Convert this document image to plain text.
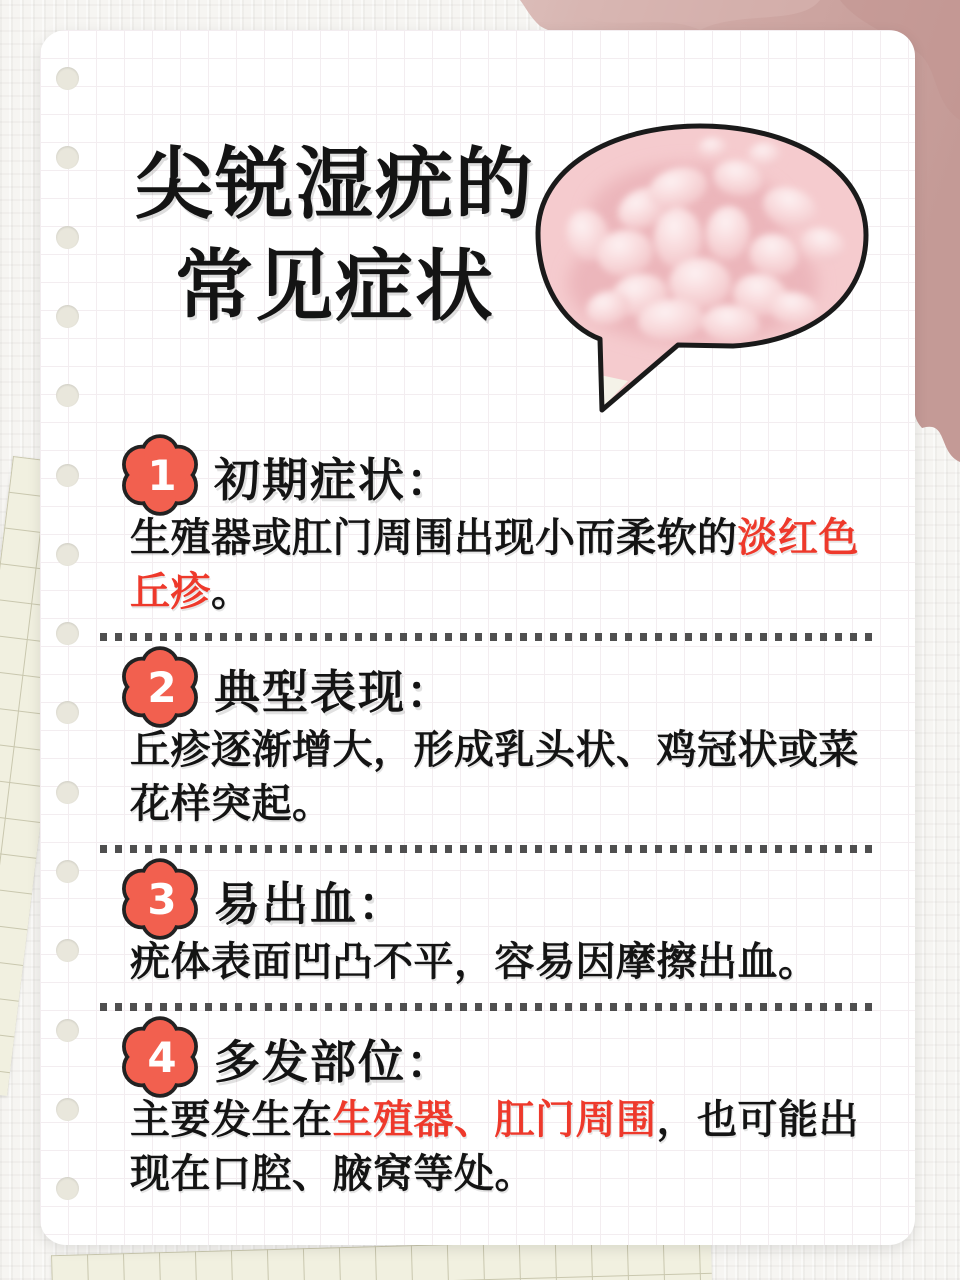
尖锐湿疣的
常见症状
1 初期症状：
生殖器或肛门周围出现小而柔软的淡红色丘疹。
2 典型表现：
丘疹逐渐增大，形成乳头状、鸡冠状或菜花样突起。
3 易出血：
疣体表面凹凸不平，容易因摩擦出血。
4 多发部位：
主要发生在生殖器、肛门周围，也可能出现在口腔、腋窝等处。
